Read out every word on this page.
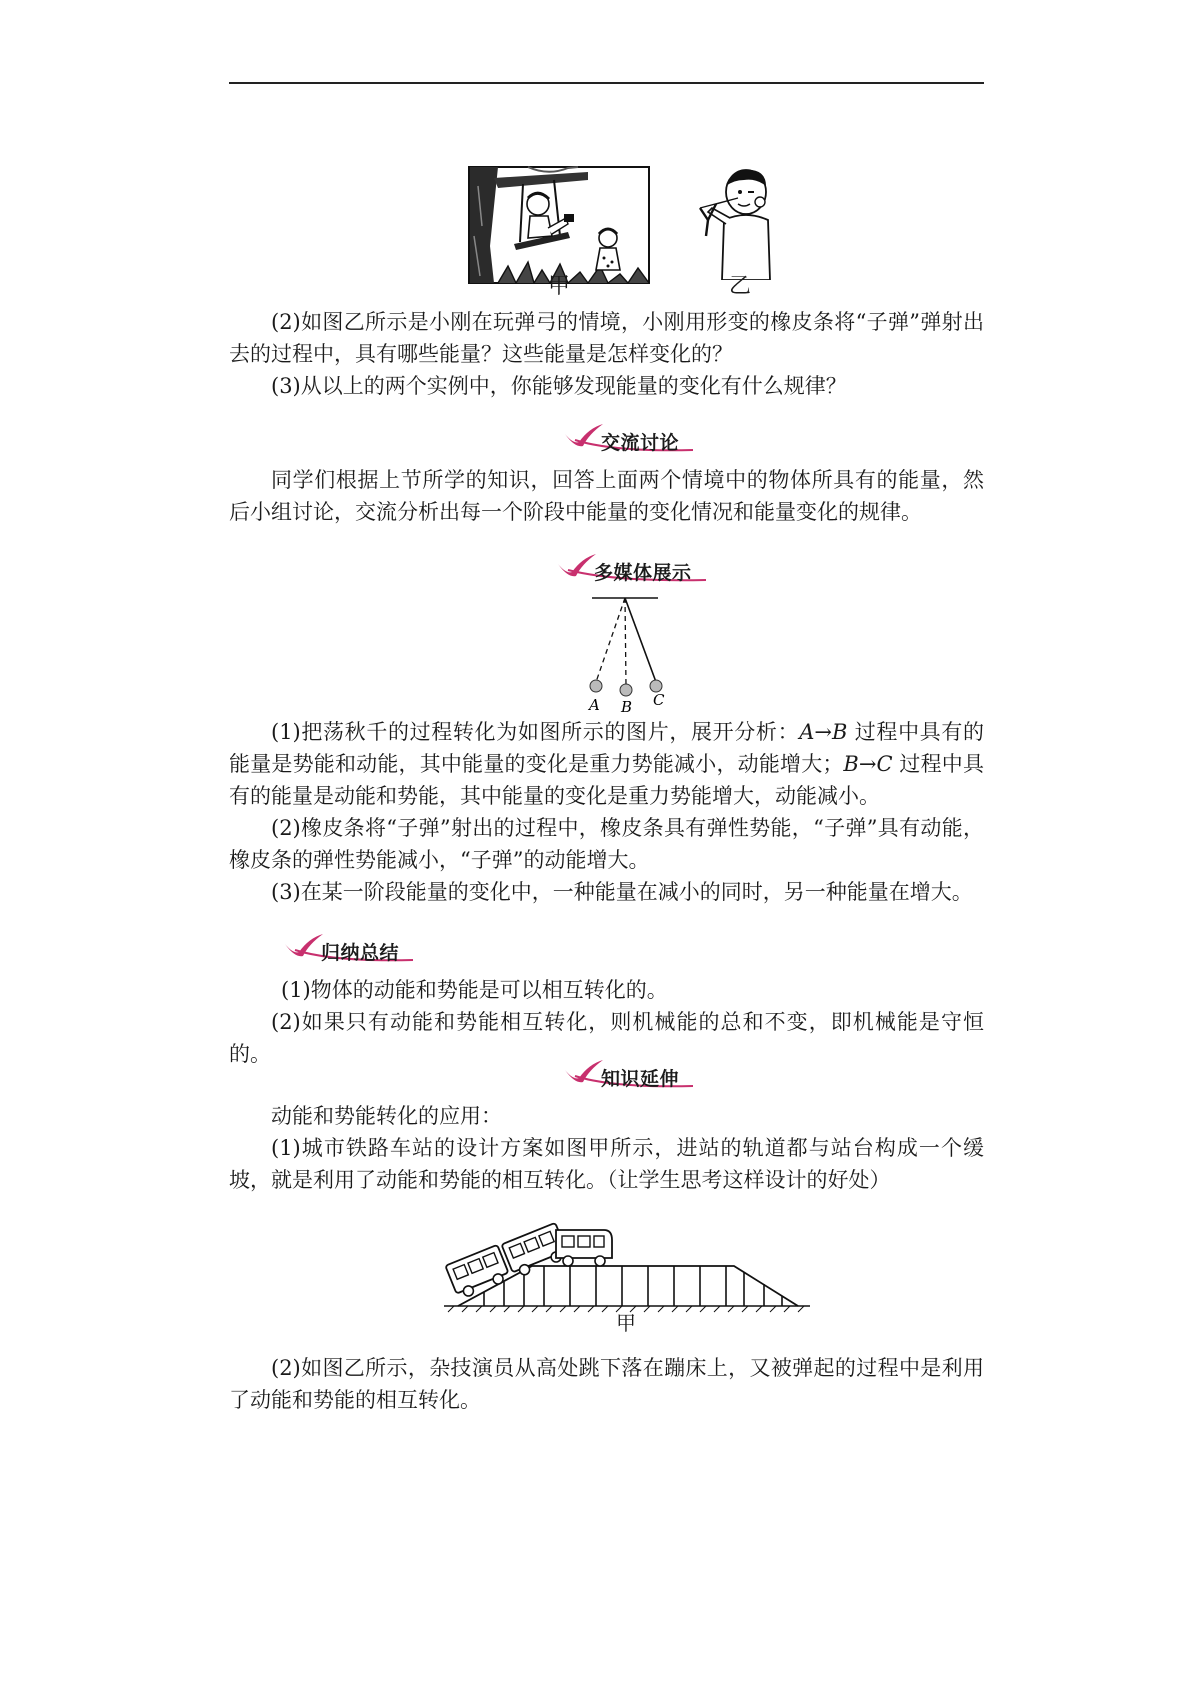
甲	乙

(2)如图乙所示是小刚在玩弹弓的情境，小刚用形变的橡皮条将“子弹”弹射出去的过程中，具有哪些能量？这些能量是怎样变化的？

(3)从以上的两个实例中，你能够发现能量的变化有什么规律？

交流讨论

同学们根据上节所学的知识，回答上面两个情境中的物体所具有的能量，然后小组讨论，交流分析出每一个阶段中能量的变化情况和能量变化的规律。

多媒体展示
A B C

(1)把荡秋千的过程转化为如图所示的图片，展开分析：A→B 过程中具有的能量是势能和动能，其中能量的变化是重力势能减小，动能增大；B→C 过程中具有的能量是动能和势能，其中能量的变化是重力势能增大，动能减小。

(2)橡皮条将“子弹”射出的过程中，橡皮条具有弹性势能，“子弹”具有动能，橡皮条的弹性势能减小，“子弹”的动能增大。

(3)在某一阶段能量的变化中，一种能量在减小的同时，另一种能量在增大。

归纳总结

(1)物体的动能和势能是可以相互转化的。

(2)如果只有动能和势能相互转化，则机械能的总和不变，即机械能是守恒的。

知识延伸

动能和势能转化的应用：

(1)城市铁路车站的设计方案如图甲所示，进站的轨道都与站台构成一个缓坡，就是利用了动能和势能的相互转化。（让学生思考这样设计的好处）

甲

(2)如图乙所示，杂技演员从高处跳下落在蹦床上，又被弹起的过程中是利用了动能和势能的相互转化。
